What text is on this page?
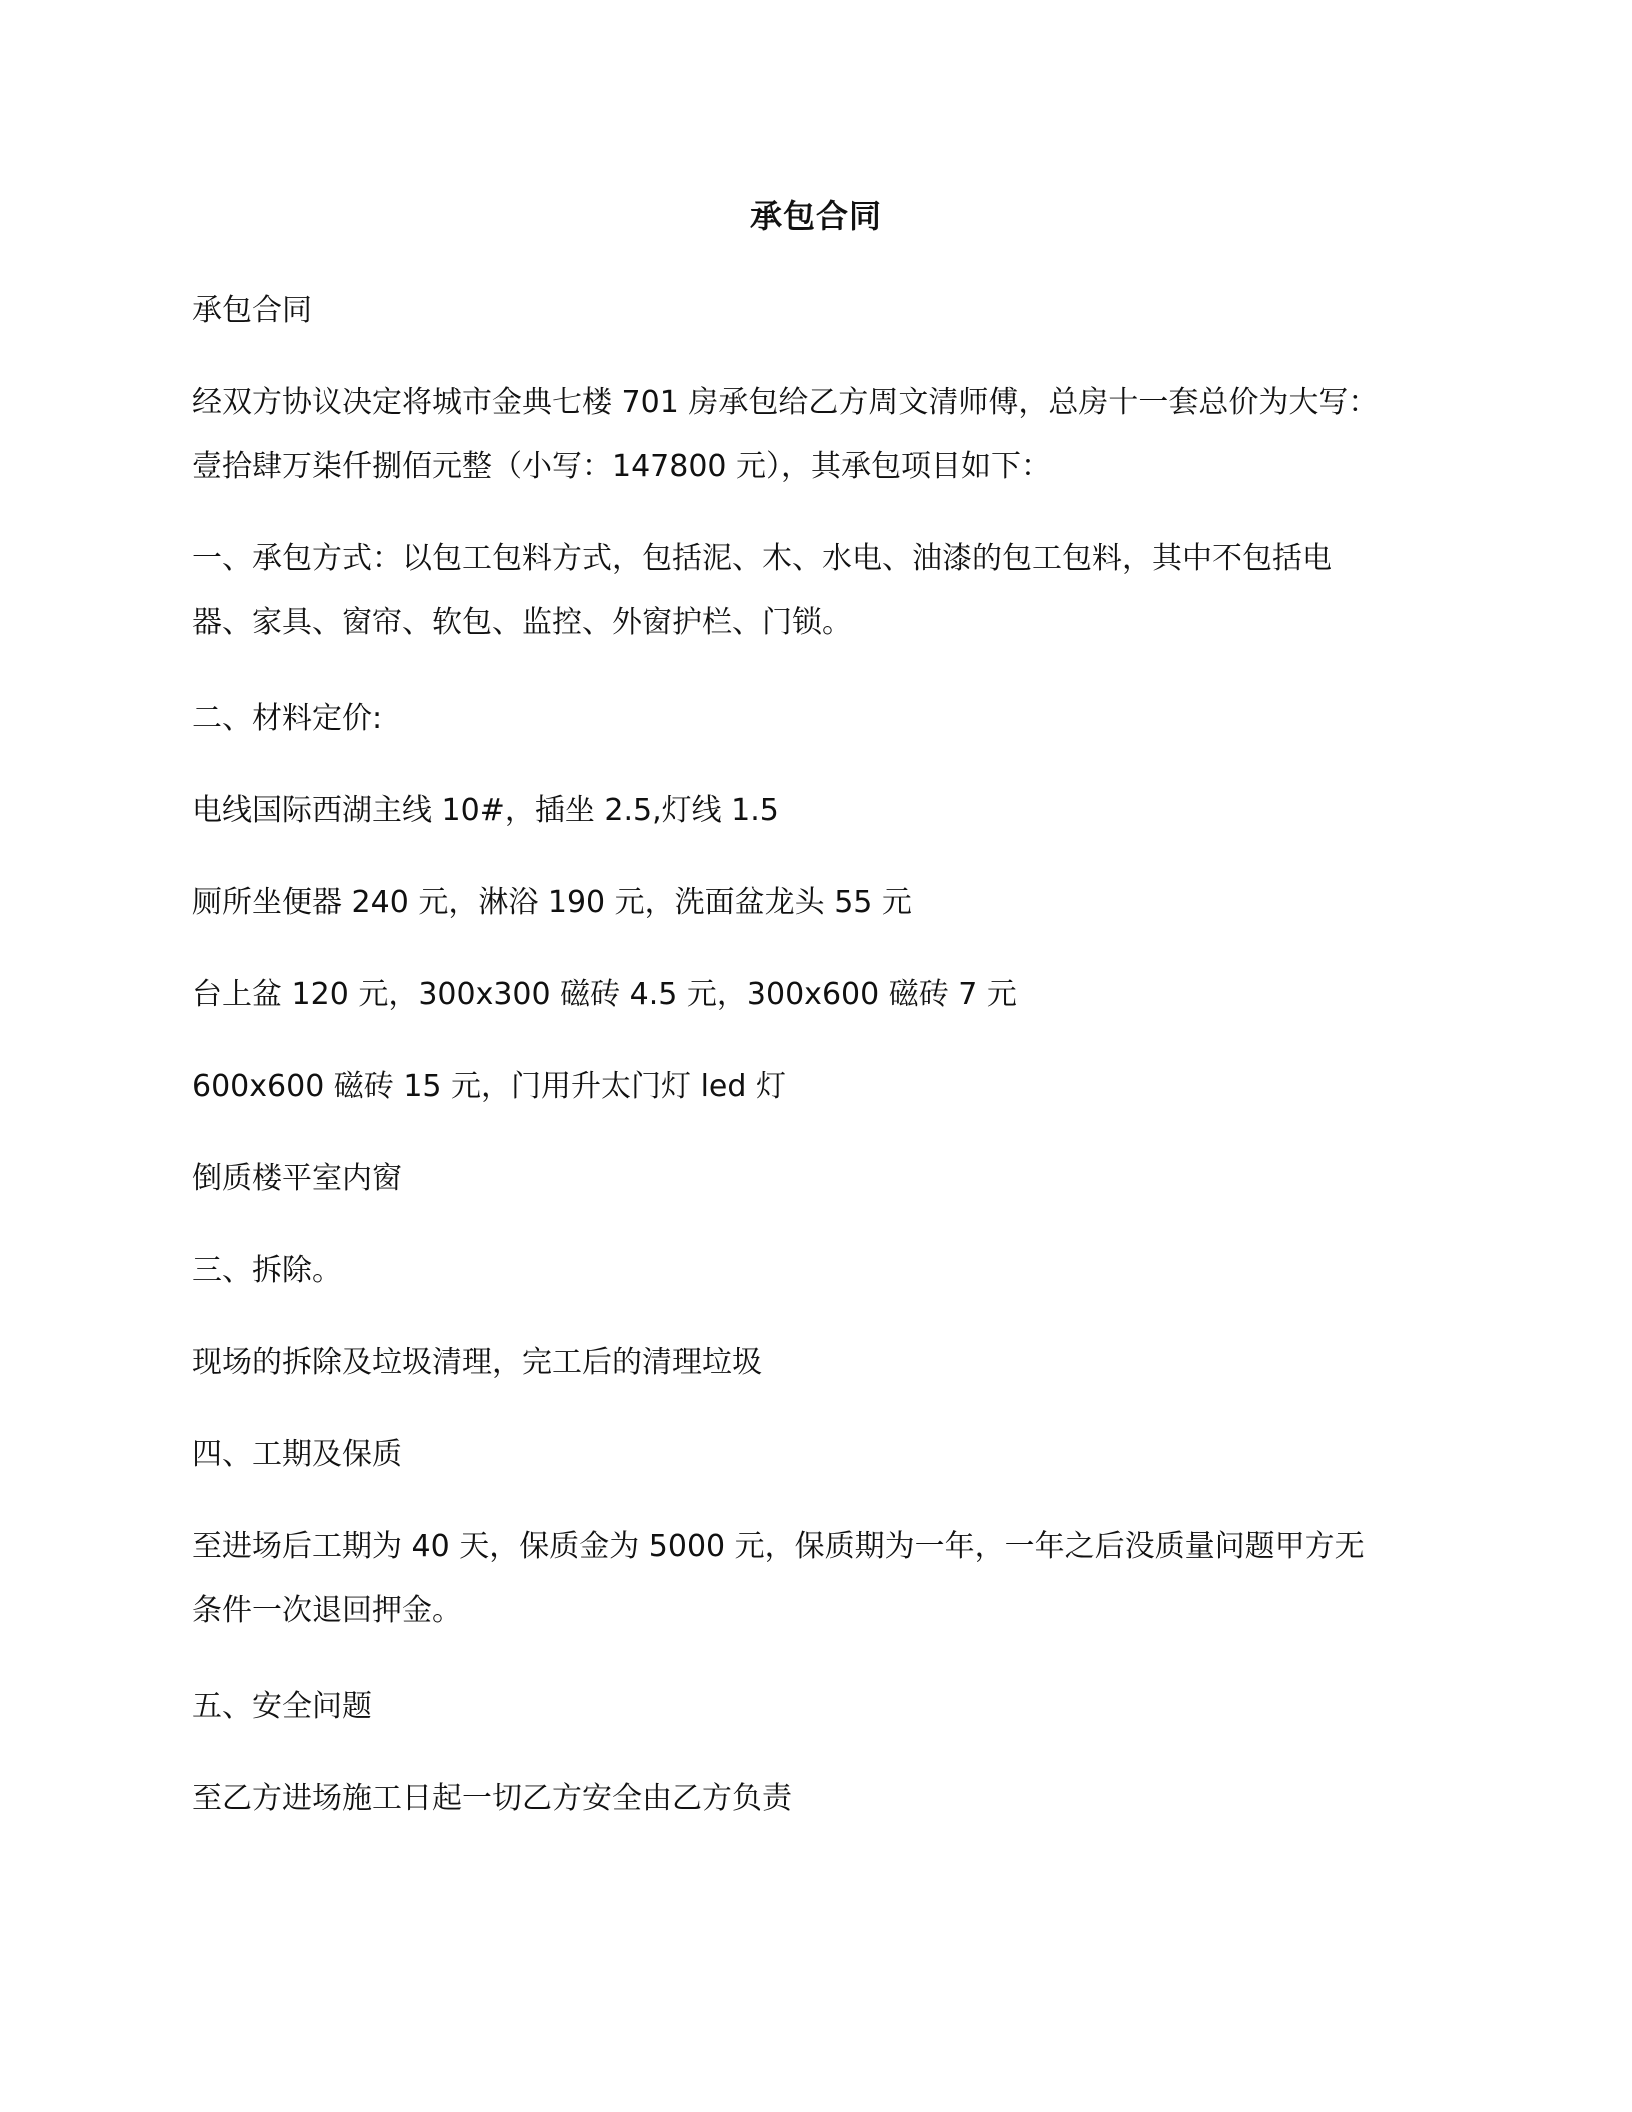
承包合同
承包合同
经双方协议决定将城市金典七楼 701 房承包给乙方周文清师傅，总房十一套总价为大写：
壹拾肆万柒仟捌佰元整（小写：147800 元），其承包项目如下：
一、承包方式：以包工包料方式，包括泥、木、水电、油漆的包工包料，其中不包括电
器、家具、窗帘、软包、监控、外窗护栏、门锁。
二、材料定价:
电线国际西湖主线 10#，插坐 2.5,灯线 1.5
厕所坐便器 240 元，淋浴 190 元，洗面盆龙头 55 元
台上盆 120 元，300x300 磁砖 4.5 元，300x600 磁砖 7 元
600x600 磁砖 15 元，门用升太门灯 led 灯
倒质楼平室内窗
三、拆除。
现场的拆除及垃圾清理，完工后的清理垃圾
四、工期及保质
至进场后工期为 40 天，保质金为 5000 元，保质期为一年，一年之后没质量问题甲方无
条件一次退回押金。
五、安全问题
至乙方进场施工日起一切乙方安全由乙方负责
